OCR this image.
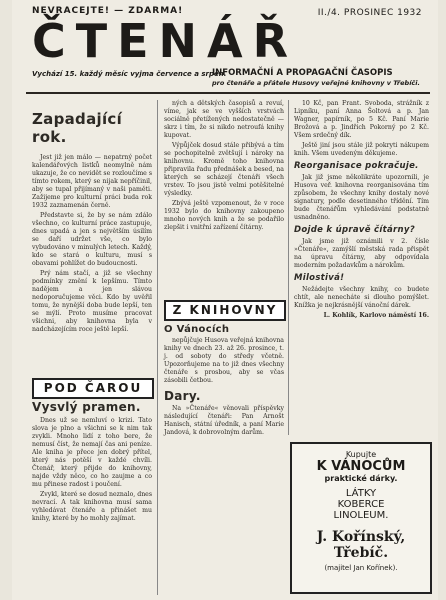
NEVRACEJTE! — ZDARMA!	II./4. PROSINEC 1932
ČTENÁŘ
Vychází 15. každý měsíc vyjma července a srpen.
INFORMAČNÍ A PROPAGAČNÍ ČASOPIS
pro čtenáře a přátele Husovy veřejné knihovny v Třebíči.
Zapadající rok.

Jest již jen málo — nepatrný počet kalendářových listků neomylně nám ukazuje, že co nevidět se rozloučíme s tímto rokem, který se nijak nepříčinil, aby se tupal přijímaný v naši paměti. Zažijeme pro kulturní práci buda rok 1932 zaznamenán černě.

Představte si, že by se nám zdálo všechno, co kulturní práce zastupuje, dnes upadá a jen s největším úsilím se daří udržet vše, co bylo vybudováno v minulých letech. Každý, kdo se stará o kulturu, musí s obavami pohlížet do budoucnosti.

Prý nám stačí, a již se všechny podmínky změní k lepšímu. Tímto nadějem a jen slávou nedoporučujeme věci. Kdo by uvěřil tomu, že nynější doba bude lepší, ten se mýlí. Proto musíme pracovat všichni, aby knihovna byla v nadcházejícím roce ještě lepší.

POD ČAROU
Vysvlý pramen.

Dnes už se nemluví o krizi. Tato slova je plno a všichni se k nim tak zvykli. Mnoho lidí z toho bere, že nemusí číst, že nemají čas ani peníze. Ale kniha je přece jen dobrý přítel, který nás potěší v každé chvíli. Čtenář, který přijde do knihovny, najde vždy něco, co ho zaujme a co mu přinese radost i poučení.

Zvykl, které se dosud neznalo, dnes nevrací. A tak knihovna musí sama vyhledávat čtenáře a přinášet mu knihy, které by ho mohly zajímat.

ných a dětských časopisů a revuí, víme, jak se ve vyšších vrstvách sociálně přetížených nedostatečně — skrz i tím, že si nikdo netroufá knihy kupovat.

Výpůjček dosud stále přibývá a tím se pochopitelně zvětšují i nároky na knihovnu. Kromě toho knihovna připravila řadu přednášek a besed, na kterých se scházejí čtenáři všech vrstev. To jsou jistě velmi potěšitelné výsledky.

Zbývá ještě vzpomenout, že v roce 1932 bylo do knihovny zakoupeno mnoho nových knih a že se podařilo zlepšit i vnitřní zařízení čítárny.

Z KNIHOVNY
O Vánocích

nepůjčuje Husova veřejná knihovna knihy ve dnech 23. až 26. prosince, t. j. od soboty do středy včetně. Upozorňujeme na to již dnes všechny čtenáře s prosbou, aby se včas zásobili četbou.

Dary.

Na »Čtenáře« věnovali příspěvky následující čtenáři: Pan Arnošt Hanisch, státní úředník, a paní Marie Jandová, k dobrovolným darům.

10 Kč, pan Frant. Svoboda, strážník z Lipníku, paní Anna Šoltová a p. Jan Wagner, papírník, po 5 Kč. Paní Marie Brožová a p. Jindřich Pokorný po 2 Kč. Všem srdečný dík.

Ještě jiní jsou stále již pokryti nákupem knih. Všem uvedeným děkujeme.

Reorganisace pokračuje.

Jak již jsme několikráte upozornili, je Husova veř. knihovna reorganisována tím způsobem, že všechny knihy dostaly nové signatury, podle desetinného třídění. Tím bude čtenářům vyhledávání podstatně usnadněno.

Dojde k úpravě čítárny?

Jak jsme již oznámili v 2. čísle »Čtenáře«, zamýšlí městská rada přispět na úpravu čítárny, aby odpovídala moderním požadavkům a nárokům.

Milostivá!

Nežádejte všechny knihy, co budete chtít, ale nenecháte si dlouho pomýšlet. Knížka je nejkrásnější vánoční dárek.

L. Kohlík, Karlovo náměstí 16.

Kupujte
K VÁNOCŮM
praktické dárky.
LÁTKY
KOBERCE
LINOLEUM.
J. Kořínský, Třebíč.
(majitel Jan Kořínek).
